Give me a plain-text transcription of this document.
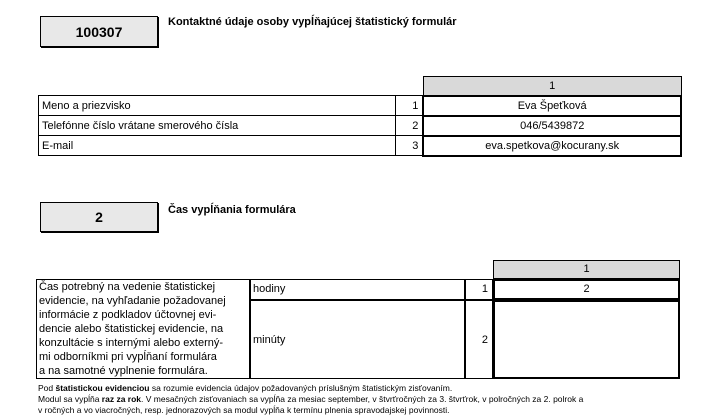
100307
Kontaktné údaje osoby vypĺňajúcej štatistický formulár
		1
Meno a priezvisko	1	Eva Špeťková
Telefónne číslo vrátane smerového čísla	2	046/5439872
E-mail	3	eva.spetkova@kocurany.sk
2	Čas vypĺňania formulára
1
Čas potrebný na vedenie štatistickej
evidencie, na vyhľadanie požadovanej
informácie z podkladov účtovnej evi-
dencie alebo štatistickej evidencie, na
konzultácie s internými alebo externý-
mi odborníkmi pri vypĺňaní formulára
a na samotné vyplnenie formulára.
hodiny	1	2
minúty	2
Pod štatistickou evidenciou sa rozumie evidencia údajov požadovaných príslušným štatistickým zisťovaním.
Modul sa vypĺňa raz za rok. V mesačných zisťovaniach sa vypĺňa za mesiac september, v štvrťročných za 3. štvrťrok, v polročných za 2. polrok a
v ročných a vo viacročných, resp. jednorazových sa modul vypĺňa k termínu plnenia spravodajskej povinnosti.
